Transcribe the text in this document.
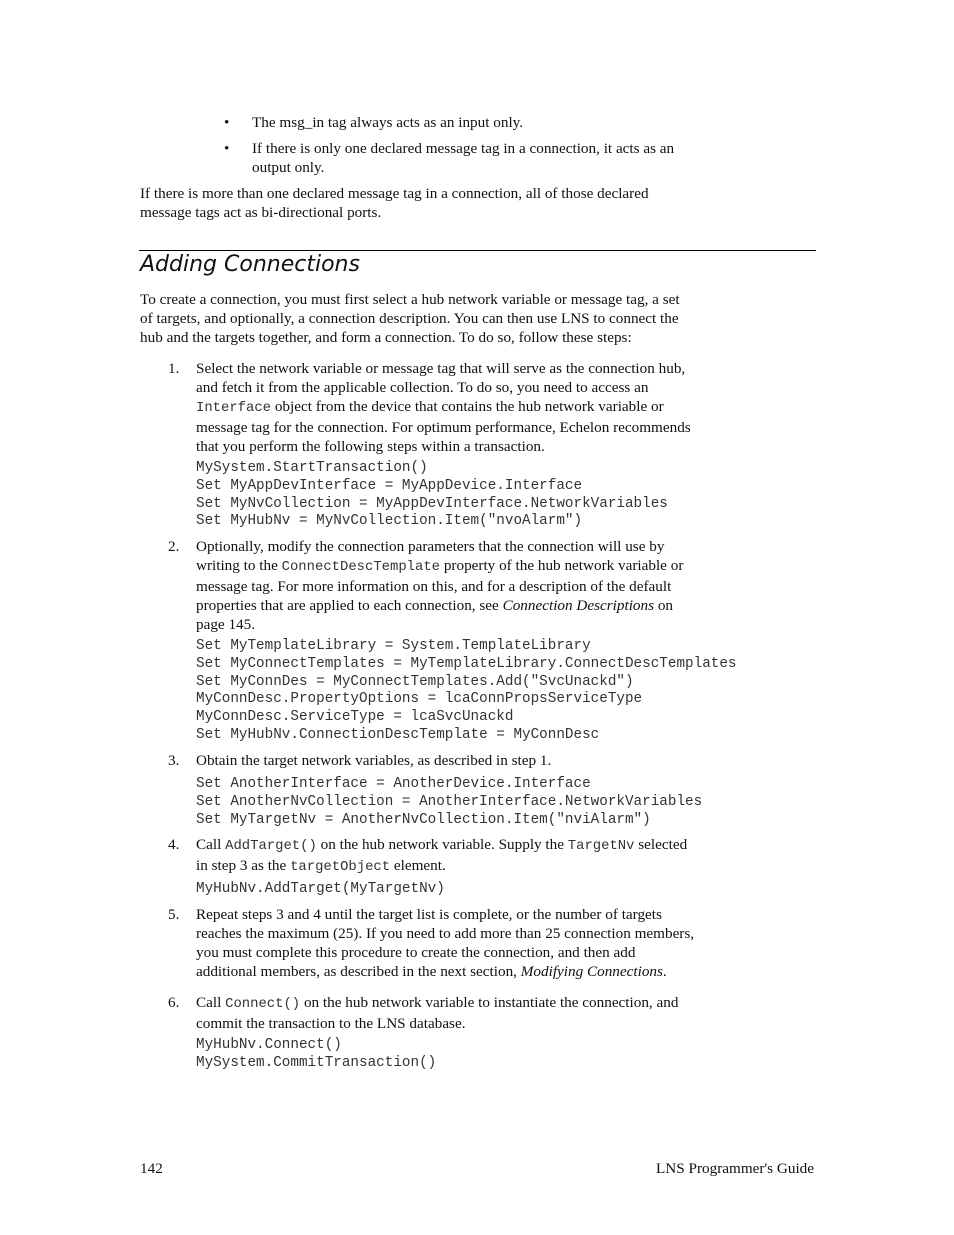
• The msg_in tag always acts as an input only.
• If there is only one declared message tag in a connection, it acts as an
output only.
If there is more than one declared message tag in a connection, all of those declared
message tags act as bi-directional ports.
Adding Connections
To create a connection, you must first select a hub network variable or message tag, a set
of targets, and optionally, a connection description. You can then use LNS to connect the
hub and the targets together, and form a connection. To do so, follow these steps:
1. Select the network variable or message tag that will serve as the connection hub,
and fetch it from the applicable collection. To do so, you need to access an
Interface object from the device that contains the hub network variable or
message tag for the connection. For optimum performance, Echelon recommends
that you perform the following steps within a transaction.
MySystem.StartTransaction()
Set MyAppDevInterface = MyAppDevice.Interface
Set MyNvCollection = MyAppDevInterface.NetworkVariables
Set MyHubNv = MyNvCollection.Item("nvoAlarm")
2. Optionally, modify the connection parameters that the connection will use by
writing to the ConnectDescTemplate property of the hub network variable or
message tag. For more information on this, and for a description of the default
properties that are applied to each connection, see Connection Descriptions on
page 145.
Set MyTemplateLibrary = System.TemplateLibrary
Set MyConnectTemplates = MyTemplateLibrary.ConnectDescTemplates
Set MyConnDes = MyConnectTemplates.Add("SvcUnackd")
MyConnDesc.PropertyOptions = lcaConnPropsServiceType
MyConnDesc.ServiceType = lcaSvcUnackd
Set MyHubNv.ConnectionDescTemplate = MyConnDesc
3. Obtain the target network variables, as described in step 1.
Set AnotherInterface = AnotherDevice.Interface
Set AnotherNvCollection = AnotherInterface.NetworkVariables
Set MyTargetNv = AnotherNvCollection.Item("nviAlarm")
4. Call AddTarget() on the hub network variable. Supply the TargetNv selected
in step 3 as the targetObject element.
MyHubNv.AddTarget(MyTargetNv)
5. Repeat steps 3 and 4 until the target list is complete, or the number of targets
reaches the maximum (25). If you need to add more than 25 connection members,
you must complete this procedure to create the connection, and then add
additional members, as described in the next section, Modifying Connections.
6. Call Connect() on the hub network variable to instantiate the connection, and
commit the transaction to the LNS database.
MyHubNv.Connect()
MySystem.CommitTransaction()
142	LNS Programmer's Guide
